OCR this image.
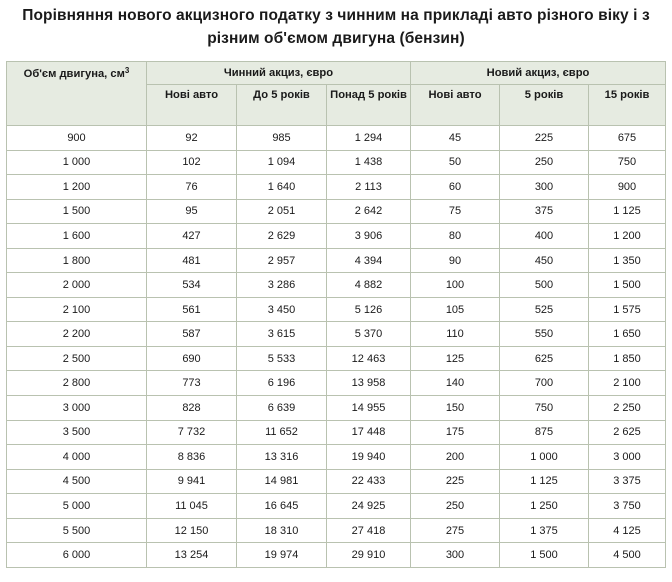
Порівняння нового акцизного податку з чинним на прикладі авто різного віку і з різним об'ємом двигуна (бензин)
Об'єм двигуна, $см^3$	Чинний акциз, євро			Новий акциз, євро		
	Нові авто	До 5 років	Понад 5 років	Нові авто	5 років	15 років
900	92	985	1 294	45	225	675
1 000	102	1 094	1 438	50	250	750
1 200	76	1 640	2 113	60	300	900
1 500	95	2 051	2 642	75	375	1 125
1 600	427	2 629	3 906	80	400	1 200
1 800	481	2 957	4 394	90	450	1 350
2 000	534	3 286	4 882	100	500	1 500
2 100	561	3 450	5 126	105	525	1 575
2 200	587	3 615	5 370	110	550	1 650
2 500	690	5 533	12 463	125	625	1 850
2 800	773	6 196	13 958	140	700	2 100
3 000	828	6 639	14 955	150	750	2 250
3 500	7 732	11 652	17 448	175	875	2 625
4 000	8 836	13 316	19 940	200	1 000	3 000
4 500	9 941	14 981	22 433	225	1 125	3 375
5 000	11 045	16 645	24 925	250	1 250	3 750
5 500	12 150	18 310	27 418	275	1 375	4 125
6 000	13 254	19 974	29 910	300	1 500	4 500
